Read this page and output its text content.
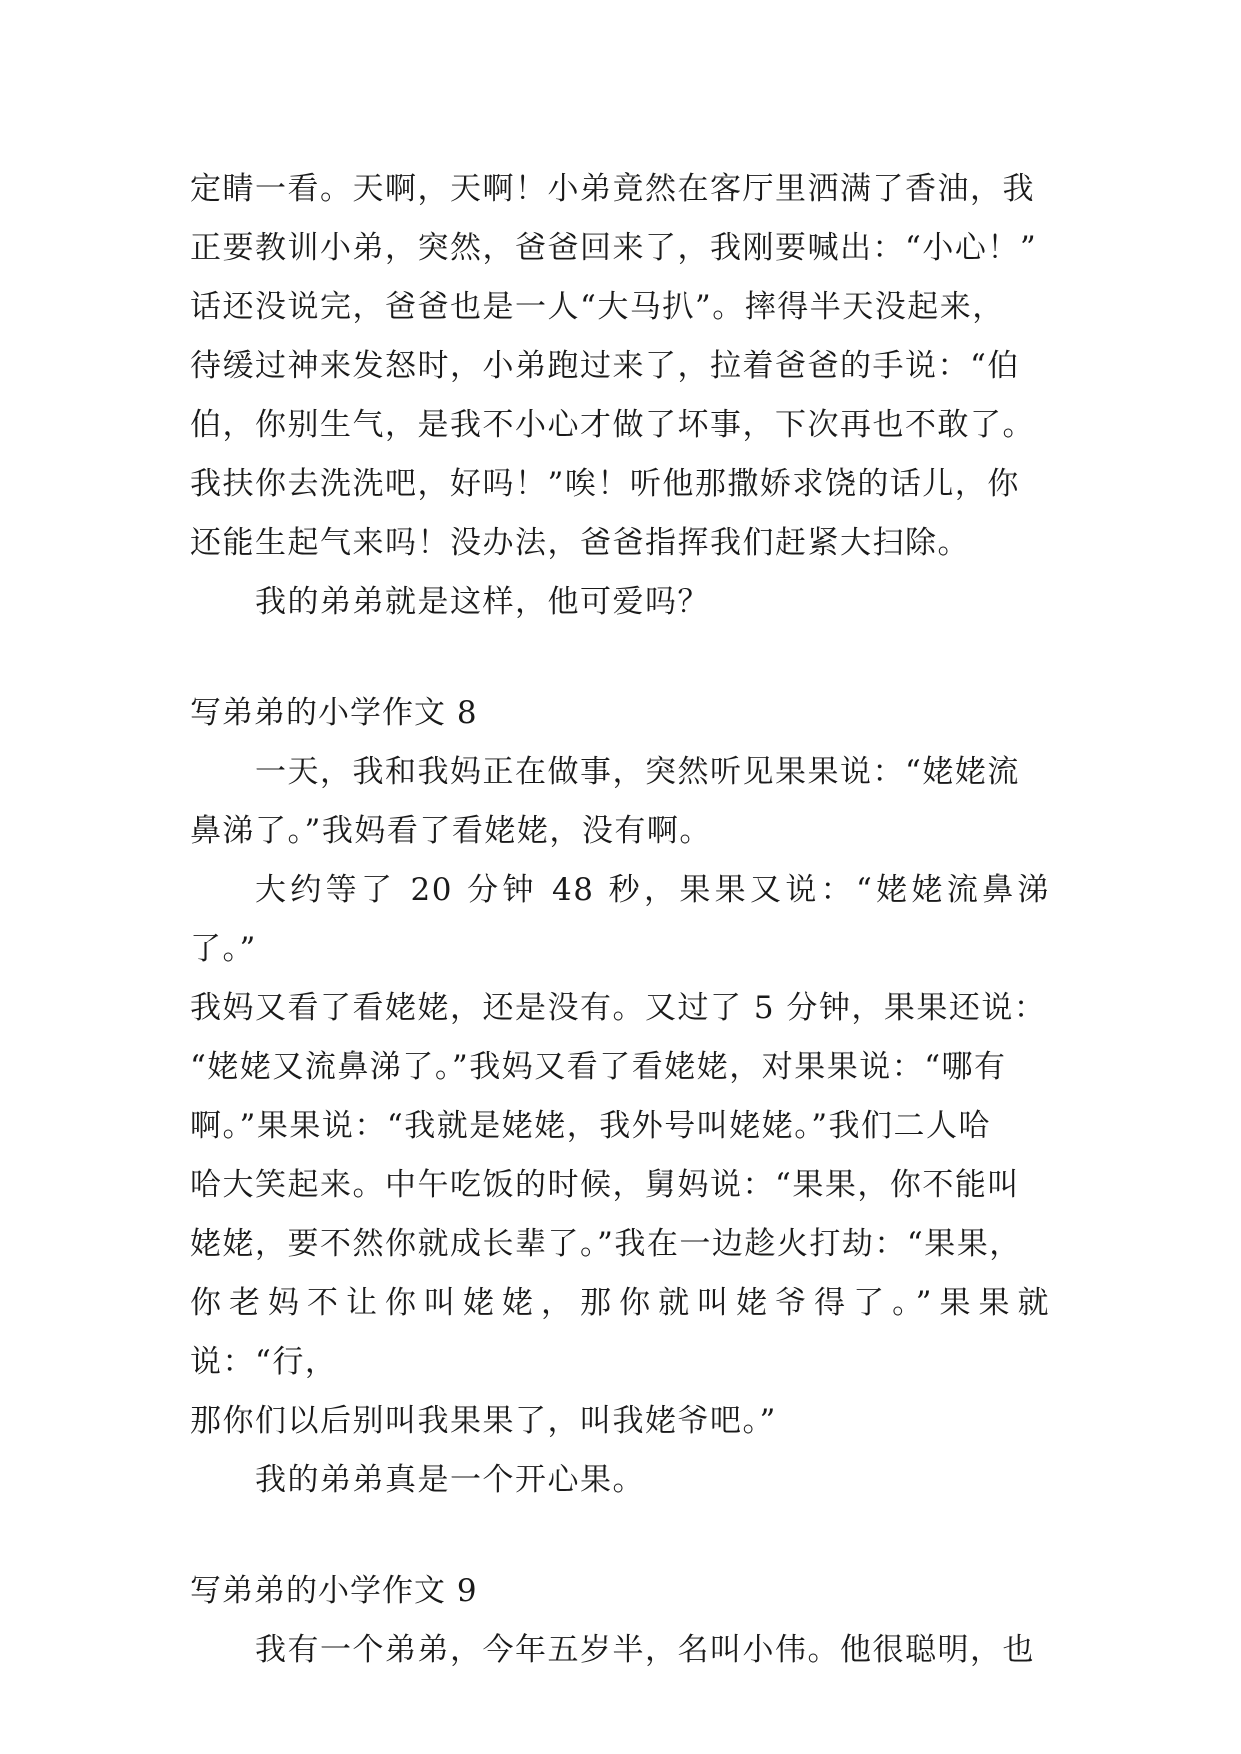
定睛一看。天啊，天啊！小弟竟然在客厅里洒满了香油，我

正要教训小弟，突然，爸爸回来了，我刚要喊出：“小心！”

话还没说完，爸爸也是一人“大马扒”。摔得半天没起来，

待缓过神来发怒时，小弟跑过来了，拉着爸爸的手说：“伯

伯，你别生气，是我不小心才做了坏事，下次再也不敢了。

我扶你去洗洗吧，好吗！”唉！听他那撒娇求饶的话儿，你

还能生起气来吗！没办法，爸爸指挥我们赶紧大扫除。

我的弟弟就是这样，他可爱吗？

写弟弟的小学作文 8

一天，我和我妈正在做事，突然听见果果说：“姥姥流

鼻涕了。”我妈看了看姥姥，没有啊。

大约等了 20 分钟 48 秒，果果又说：“姥姥流鼻涕了。”

我妈又看了看姥姥，还是没有。又过了 5 分钟，果果还说：

“姥姥又流鼻涕了。”我妈又看了看姥姥，对果果说：“哪有

啊。”果果说：“我就是姥姥，我外号叫姥姥。”我们二人哈

哈大笑起来。中午吃饭的时候，舅妈说：“果果，你不能叫

姥姥，要不然你就成长辈了。”我在一边趁火打劫：“果果，

你老妈不让你叫姥姥，那你就叫姥爷得了。”果果就说：“行，

那你们以后别叫我果果了，叫我姥爷吧。”

我的弟弟真是一个开心果。

写弟弟的小学作文 9

我有一个弟弟，今年五岁半，名叫小伟。他很聪明，也
